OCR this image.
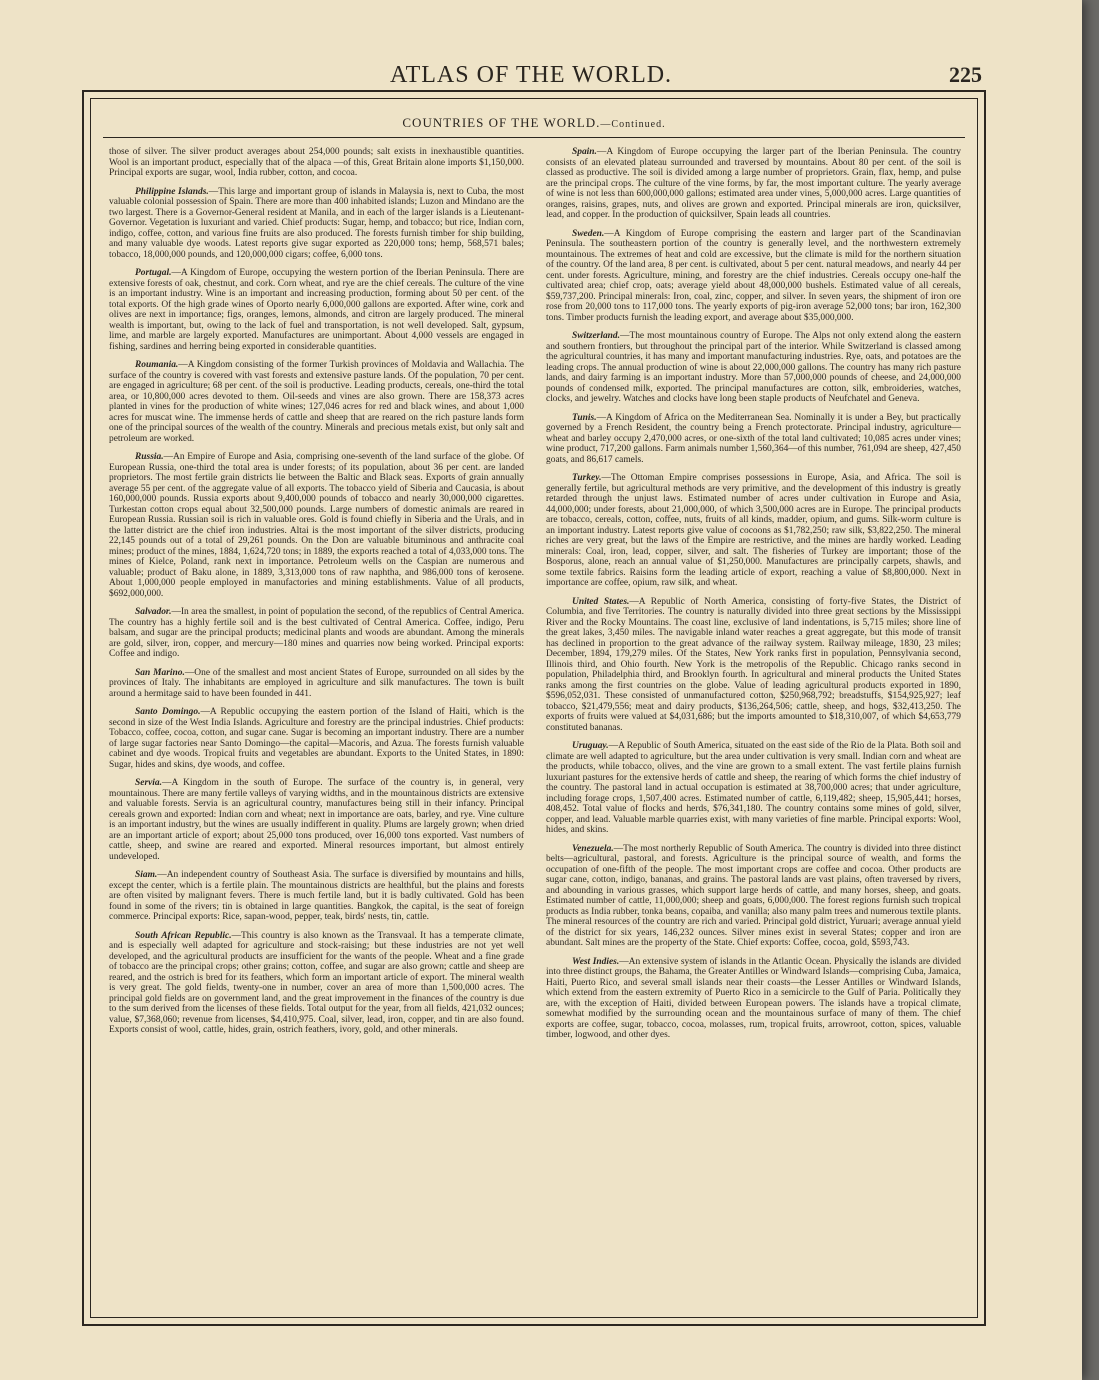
ATLAS OF THE WORLD.	225
COUNTRIES OF THE WORLD.—Continued.

those of silver. The silver product averages about 254,000 pounds; salt exists in inexhaustible quantities. Wool is an important product, especially that of the alpaca —of this, Great Britain alone imports $1,150,000. Principal exports are sugar, wool, India rubber, cotton, and cocoa.

Philippine Islands.—This large and important group of islands in Malaysia is, next to Cuba, the most valuable colonial possession of Spain. There are more than 400 inhabited islands; Luzon and Mindano are the two largest. There is a Governor-General resident at Manila, and in each of the larger islands is a Lieutenant-Governor. Vegetation is luxuriant and varied. Chief products: Sugar, hemp, and tobacco; but rice, Indian corn, indigo, coffee, cotton, and various fine fruits are also produced. The forests furnish timber for ship building, and many valuable dye woods. Latest reports give sugar exported as 220,000 tons; hemp, 568,571 bales; tobacco, 18,000,000 pounds, and 120,000,000 cigars; coffee, 6,000 tons.

Portugal.—A Kingdom of Europe, occupying the western portion of the Iberian Peninsula. There are extensive forests of oak, chestnut, and cork. Corn wheat, and rye are the chief cereals. The culture of the vine is an important industry. Wine is an important and increasing production, forming about 50 per cent. of the total exports. Of the high grade wines of Oporto nearly 6,000,000 gallons are exported. After wine, cork and olives are next in importance; figs, oranges, lemons, almonds, and citron are largely produced. The mineral wealth is important, but, owing to the lack of fuel and transportation, is not well developed. Salt, gypsum, lime, and marble are largely exported. Manufactures are unimportant. About 4,000 vessels are engaged in fishing, sardines and herring being exported in considerable quantities.

Roumania.—A Kingdom consisting of the former Turkish provinces of Moldavia and Wallachia. The surface of the country is covered with vast forests and extensive pasture lands. Of the population, 70 per cent. are engaged in agriculture; 68 per cent. of the soil is productive. Leading products, cereals, one-third the total area, or 10,800,000 acres devoted to them. Oil-seeds and vines are also grown. There are 158,373 acres planted in vines for the production of white wines; 127,046 acres for red and black wines, and about 1,000 acres for muscat wine. The immense herds of cattle and sheep that are reared on the rich pasture lands form one of the principal sources of the wealth of the country. Minerals and precious metals exist, but only salt and petroleum are worked.

Russia.—An Empire of Europe and Asia, comprising one-seventh of the land surface of the globe. Of European Russia, one-third the total area is under forests; of its population, about 36 per cent. are landed proprietors. The most fertile grain districts lie between the Baltic and Black seas. Exports of grain annually average 55 per cent. of the aggregate value of all exports. The tobacco yield of Siberia and Caucasia, is about 160,000,000 pounds. Russia exports about 9,400,000 pounds of tobacco and nearly 30,000,000 cigarettes. Turkestan cotton crops equal about 32,500,000 pounds. Large numbers of domestic animals are reared in European Russia. Russian soil is rich in valuable ores. Gold is found chiefly in Siberia and the Urals, and in the latter district are the chief iron industries. Altai is the most important of the silver districts, producing 22,145 pounds out of a total of 29,261 pounds. On the Don are valuable bituminous and anthracite coal mines; product of the mines, 1884, 1,624,720 tons; in 1889, the exports reached a total of 4,033,000 tons. The mines of Kielce, Poland, rank next in importance. Petroleum wells on the Caspian are numerous and valuable; product of Baku alone, in 1889, 3,313,000 tons of raw naphtha, and 986,000 tons of kerosene. About 1,000,000 people employed in manufactories and mining establishments. Value of all products, $692,000,000.

Salvador.—In area the smallest, in point of population the second, of the republics of Central America. The country has a highly fertile soil and is the best cultivated of Central America. Coffee, indigo, Peru balsam, and sugar are the principal products; medicinal plants and woods are abundant. Among the minerals are gold, silver, iron, copper, and mercury—180 mines and quarries now being worked. Principal exports: Coffee and indigo.

San Marino.—One of the smallest and most ancient States of Europe, surrounded on all sides by the provinces of Italy. The inhabitants are employed in agriculture and silk manufactures. The town is built around a hermitage said to have been founded in 441.

Santo Domingo.—A Republic occupying the eastern portion of the Island of Haiti, which is the second in size of the West India Islands. Agriculture and forestry are the principal industries. Chief products: Tobacco, coffee, cocoa, cotton, and sugar cane. Sugar is becoming an important industry. There are a number of large sugar factories near Santo Domingo—the capital—Macoris, and Azua. The forests furnish valuable cabinet and dye woods. Tropical fruits and vegetables are abundant. Exports to the United States, in 1890: Sugar, hides and skins, dye woods, and coffee.

Servia.—A Kingdom in the south of Europe. The surface of the country is, in general, very mountainous. There are many fertile valleys of varying widths, and in the mountainous districts are extensive and valuable forests. Servia is an agricultural country, manufactures being still in their infancy. Principal cereals grown and exported: Indian corn and wheat; next in importance are oats, barley, and rye. Vine culture is an important industry, but the wines are usually indifferent in quality. Plums are largely grown; when dried are an important article of export; about 25,000 tons produced, over 16,000 tons exported. Vast numbers of cattle, sheep, and swine are reared and exported. Mineral resources important, but almost entirely undeveloped.

Siam.—An independent country of Southeast Asia. The surface is diversified by mountains and hills, except the center, which is a fertile plain. The mountainous districts are healthful, but the plains and forests are often visited by malignant fevers. There is much fertile land, but it is badly cultivated. Gold has been found in some of the rivers; tin is obtained in large quantities. Bangkok, the capital, is the seat of foreign commerce. Principal exports: Rice, sapan-wood, pepper, teak, birds' nests, tin, cattle.

South African Republic.—This country is also known as the Transvaal. It has a temperate climate, and is especially well adapted for agriculture and stock-raising; but these industries are not yet well developed, and the agricultural products are insufficient for the wants of the people. Wheat and a fine grade of tobacco are the principal crops; other grains; cotton, coffee, and sugar are also grown; cattle and sheep are reared, and the ostrich is bred for its feathers, which form an important article of export. The mineral wealth is very great. The gold fields, twenty-one in number, cover an area of more than 1,500,000 acres. The principal gold fields are on government land, and the great improvement in the finances of the country is due to the sum derived from the licenses of these fields. Total output for the year, from all fields, 421,032 ounces; value, $7,368,060; revenue from licenses, $4,410,975. Coal, silver, lead, iron, copper, and tin are also found. Exports consist of wool, cattle, hides, grain, ostrich feathers, ivory, gold, and other minerals.

Spain.—A Kingdom of Europe occupying the larger part of the Iberian Peninsula. The country consists of an elevated plateau surrounded and traversed by mountains. About 80 per cent. of the soil is classed as productive. The soil is divided among a large number of proprietors. Grain, flax, hemp, and pulse are the principal crops. The culture of the vine forms, by far, the most important culture. The yearly average of wine is not less than 600,000,000 gallons; estimated area under vines, 5,000,000 acres. Large quantities of oranges, raisins, grapes, nuts, and olives are grown and exported. Principal minerals are iron, quicksilver, lead, and copper. In the production of quicksilver, Spain leads all countries.

Sweden.—A Kingdom of Europe comprising the eastern and larger part of the Scandinavian Peninsula. The southeastern portion of the country is generally level, and the northwestern extremely mountainous. The extremes of heat and cold are excessive, but the climate is mild for the northern situation of the country. Of the land area, 8 per cent. is cultivated, about 5 per cent. natural meadows, and nearly 44 per cent. under forests. Agriculture, mining, and forestry are the chief industries. Cereals occupy one-half the cultivated area; chief crop, oats; average yield about 48,000,000 bushels. Estimated value of all cereals, $59,737,200. Principal minerals: Iron, coal, zinc, copper, and silver. In seven years, the shipment of iron ore rose from 20,000 tons to 117,000 tons. The yearly exports of pig-iron average 52,000 tons; bar iron, 162,300 tons. Timber products furnish the leading export, and average about $35,000,000.

Switzerland.—The most mountainous country of Europe. The Alps not only extend along the eastern and southern frontiers, but throughout the principal part of the interior. While Switzerland is classed among the agricultural countries, it has many and important manufacturing industries. Rye, oats, and potatoes are the leading crops. The annual production of wine is about 22,000,000 gallons. The country has many rich pasture lands, and dairy farming is an important industry. More than 57,000,000 pounds of cheese, and 24,000,000 pounds of condensed milk, exported. The principal manufactures are cotton, silk, embroideries, watches, clocks, and jewelry. Watches and clocks have long been staple products of Neufchatel and Geneva.

Tunis.—A Kingdom of Africa on the Mediterranean Sea. Nominally it is under a Bey, but practically governed by a French Resident, the country being a French protectorate. Principal industry, agriculture—wheat and barley occupy 2,470,000 acres, or one-sixth of the total land cultivated; 10,085 acres under vines; wine product, 717,200 gallons. Farm animals number 1,560,364—of this number, 761,094 are sheep, 427,450 goats, and 86,617 camels.

Turkey.—The Ottoman Empire comprises possessions in Europe, Asia, and Africa. The soil is generally fertile, but agricultural methods are very primitive, and the development of this industry is greatly retarded through the unjust laws. Estimated number of acres under cultivation in Europe and Asia, 44,000,000; under forests, about 21,000,000, of which 3,500,000 acres are in Europe. The principal products are tobacco, cereals, cotton, coffee, nuts, fruits of all kinds, madder, opium, and gums. Silk-worm culture is an important industry. Latest reports give value of cocoons as $1,782,250; raw silk, $3,822,250. The mineral riches are very great, but the laws of the Empire are restrictive, and the mines are hardly worked. Leading minerals: Coal, iron, lead, copper, silver, and salt. The fisheries of Turkey are important; those of the Bosporus, alone, reach an annual value of $1,250,000. Manufactures are principally carpets, shawls, and some textile fabrics. Raisins form the leading article of export, reaching a value of $8,800,000. Next in importance are coffee, opium, raw silk, and wheat.

United States.—A Republic of North America, consisting of forty-five States, the District of Columbia, and five Territories. The country is naturally divided into three great sections by the Mississippi River and the Rocky Mountains. The coast line, exclusive of land indentations, is 5,715 miles; shore line of the great lakes, 3,450 miles. The navigable inland water reaches a great aggregate, but this mode of transit has declined in proportion to the great advance of the railway system. Railway mileage, 1830, 23 miles; December, 1894, 179,279 miles. Of the States, New York ranks first in population, Pennsylvania second, Illinois third, and Ohio fourth. New York is the metropolis of the Republic. Chicago ranks second in population, Philadelphia third, and Brooklyn fourth. In agricultural and mineral products the United States ranks among the first countries on the globe. Value of leading agricultural products exported in 1890, $596,052,031. These consisted of unmanufactured cotton, $250,968,792; breadstuffs, $154,925,927; leaf tobacco, $21,479,556; meat and dairy products, $136,264,506; cattle, sheep, and hogs, $32,413,250. The exports of fruits were valued at $4,031,686; but the imports amounted to $18,310,007, of which $4,653,779 constituted bananas.

Uruguay.—A Republic of South America, situated on the east side of the Rio de la Plata. Both soil and climate are well adapted to agriculture, but the area under cultivation is very small. Indian corn and wheat are the products, while tobacco, olives, and the vine are grown to a small extent. The vast fertile plains furnish luxuriant pastures for the extensive herds of cattle and sheep, the rearing of which forms the chief industry of the country. The pastoral land in actual occupation is estimated at 38,700,000 acres; that under agriculture, including forage crops, 1,507,400 acres. Estimated number of cattle, 6,119,482; sheep, 15,905,441; horses, 408,452. Total value of flocks and herds, $76,341,180. The country contains some mines of gold, silver, copper, and lead. Valuable marble quarries exist, with many varieties of fine marble. Principal exports: Wool, hides, and skins.

Venezuela.—The most northerly Republic of South America. The country is divided into three distinct belts—agricultural, pastoral, and forests. Agriculture is the principal source of wealth, and forms the occupation of one-fifth of the people. The most important crops are coffee and cocoa. Other products are sugar cane, cotton, indigo, bananas, and grains. The pastoral lands are vast plains, often traversed by rivers, and abounding in various grasses, which support large herds of cattle, and many horses, sheep, and goats. Estimated number of cattle, 11,000,000; sheep and goats, 6,000,000. The forest regions furnish such tropical products as India rubber, tonka beans, copaiba, and vanilla; also many palm trees and numerous textile plants. The mineral resources of the country are rich and varied. Principal gold district, Yuruari; average annual yield of the district for six years, 146,232 ounces. Silver mines exist in several States; copper and iron are abundant. Salt mines are the property of the State. Chief exports: Coffee, cocoa, gold, $593,743.

West Indies.—An extensive system of islands in the Atlantic Ocean. Physically the islands are divided into three distinct groups, the Bahama, the Greater Antilles or Windward Islands—comprising Cuba, Jamaica, Haiti, Puerto Rico, and several small islands near their coasts—the Lesser Antilles or Windward Islands, which extend from the eastern extremity of Puerto Rico in a semicircle to the Gulf of Paria. Politically they are, with the exception of Haiti, divided between European powers. The islands have a tropical climate, somewhat modified by the surrounding ocean and the mountainous surface of many of them. The chief exports are coffee, sugar, tobacco, cocoa, molasses, rum, tropical fruits, arrowroot, cotton, spices, valuable timber, logwood, and other dyes.
